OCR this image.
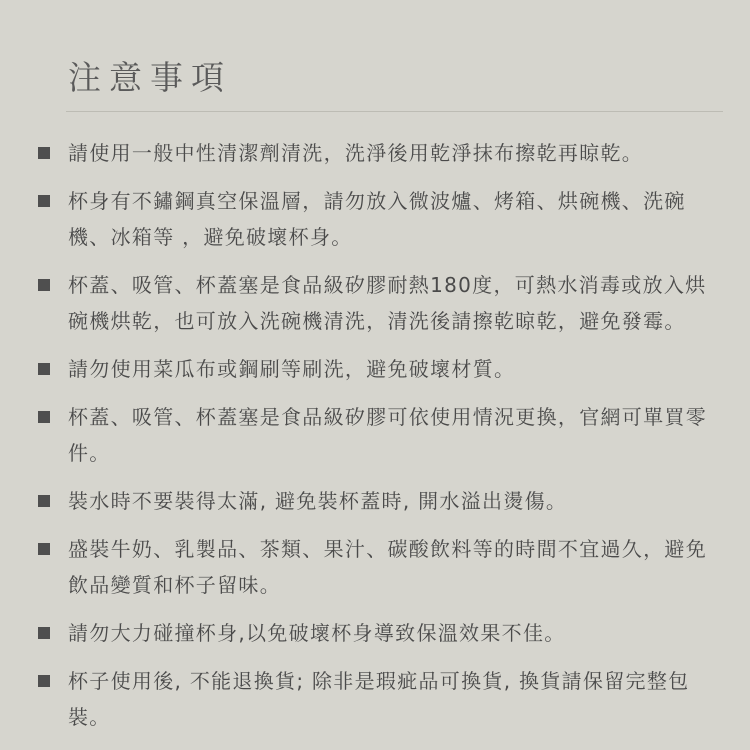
注意事項
請使用一般中性清潔劑清洗，洗淨後用乾淨抹布擦乾再晾乾。
杯身有不鏽鋼真空保溫層，請勿放入微波爐、烤箱、烘碗機、洗碗機、冰箱等 ，避免破壞杯身。
杯蓋、吸管、杯蓋塞是食品級矽膠耐熱180度，可熱水消毒或放入烘碗機烘乾，也可放入洗碗機清洗，清洗後請擦乾晾乾，避免發霉。
請勿使用菜瓜布或鋼刷等刷洗，避免破壞材質。
杯蓋、吸管、杯蓋塞是食品級矽膠可依使用情況更換，官網可單買零件。
裝水時不要裝得太滿, 避免裝杯蓋時, 開水溢出燙傷。
盛裝牛奶、乳製品、茶類、果汁、碳酸飲料等的時間不宜過久，避免飲品變質和杯子留味。
請勿大力碰撞杯身,以免破壞杯身導致保溫效果不佳。
杯子使用後, 不能退換貨; 除非是瑕疵品可換貨, 換貨請保留完整包裝。
